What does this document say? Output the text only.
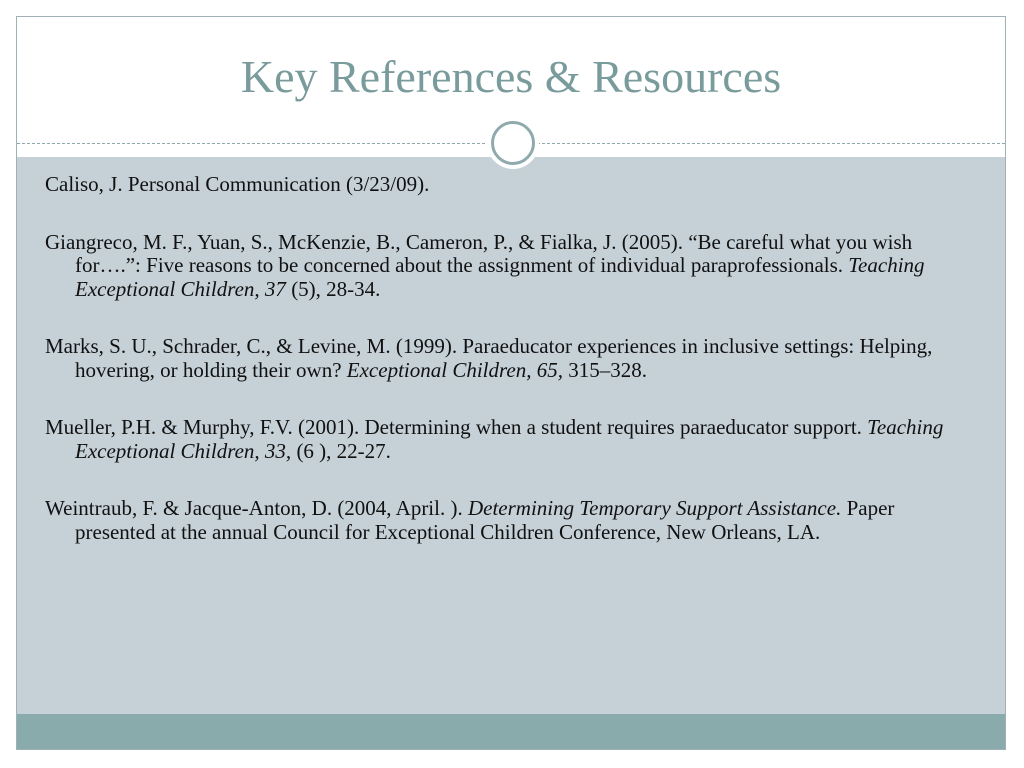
Key References & Resources

Caliso, J. Personal Communication (3/23/09).

Giangreco, M. F., Yuan, S., McKenzie, B., Cameron, P., & Fialka, J. (2005). “Be careful what you wish for….”: Five reasons to be concerned about the assignment of individual paraprofessionals. Teaching Exceptional Children, 37 (5), 28-34.

Marks, S. U., Schrader, C., & Levine, M. (1999). Paraeducator experiences in inclusive settings: Helping, hovering, or holding their own? Exceptional Children, 65, 315–328.

Mueller, P.H. & Murphy, F.V. (2001). Determining when a student requires paraeducator support. Teaching Exceptional Children, 33, (6 ), 22-27.

Weintraub, F. & Jacque-Anton, D. (2004, April. ). Determining Temporary Support Assistance. Paper presented at the annual Council for Exceptional Children Conference, New Orleans, LA.
